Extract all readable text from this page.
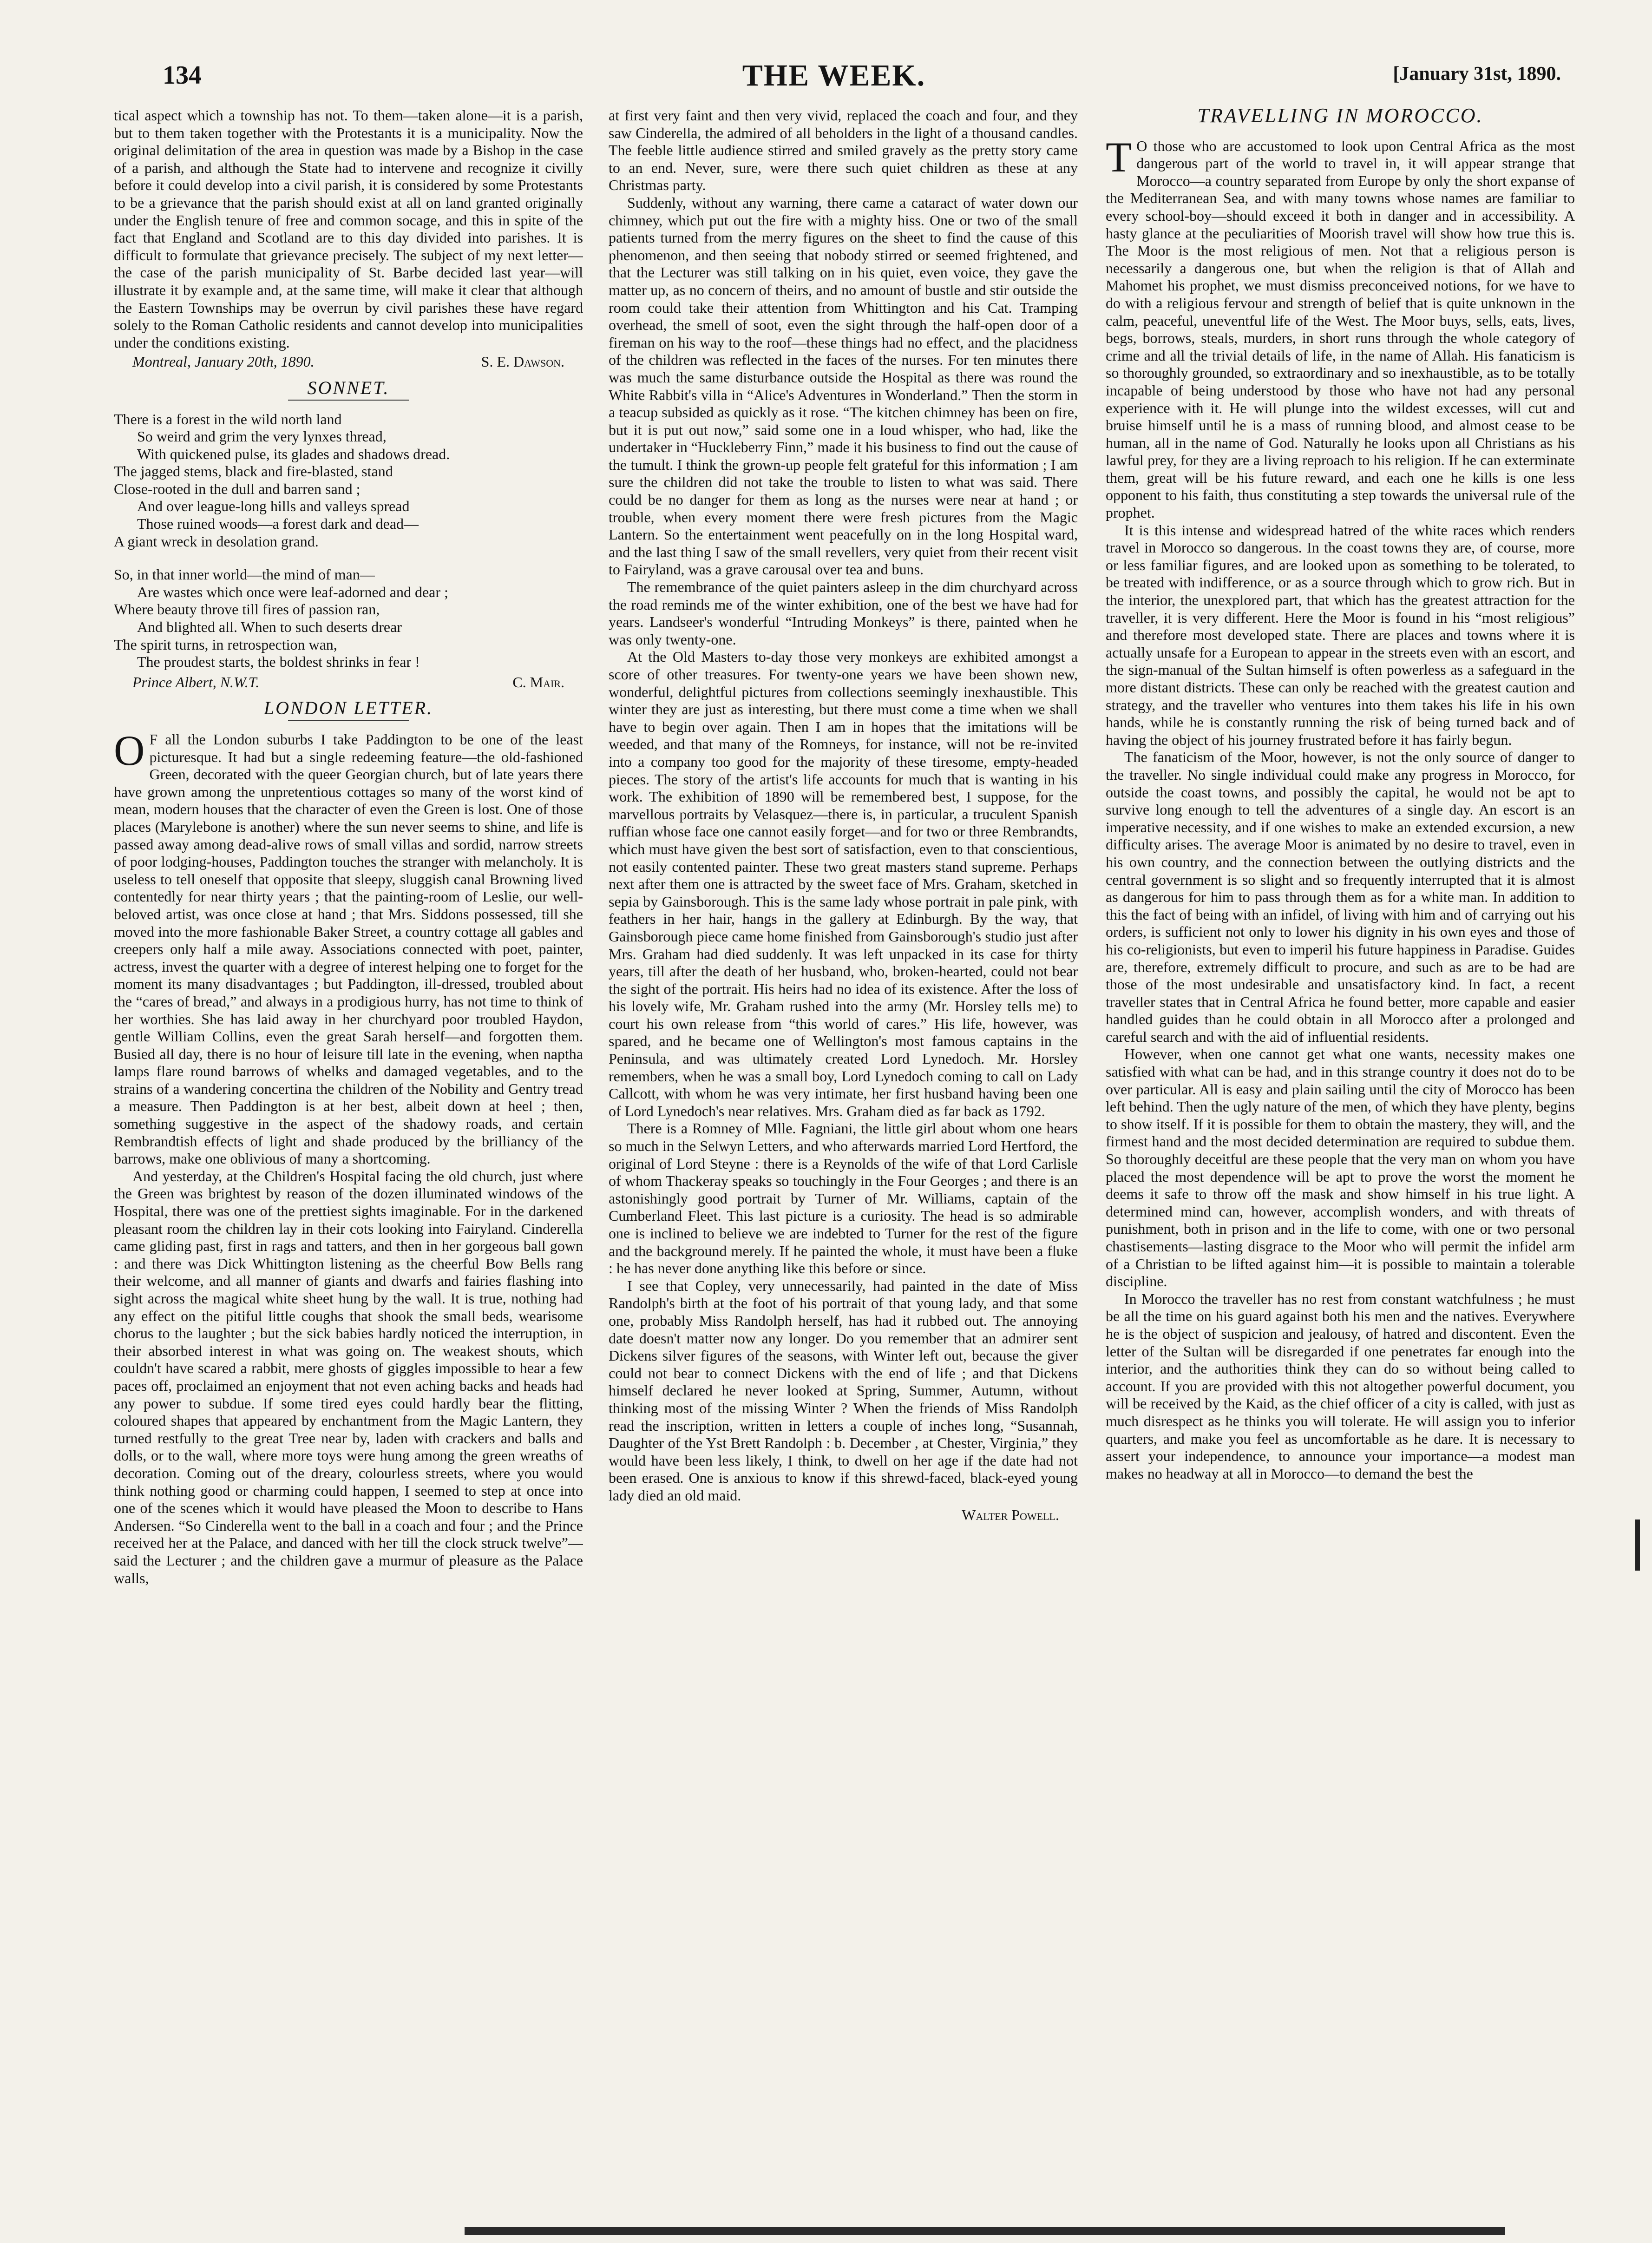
134	THE WEEK.	[January 31st, 1890.

tical aspect which a township has not. To them—taken alone—it is a parish, but to them taken together with the Protestants it is a municipality. Now the original delimitation of the area in question was made by a Bishop in the case of a parish, and although the State had to intervene and recognize it civilly before it could develop into a civil parish, it is considered by some Protestants to be a grievance that the parish should exist at all on land granted originally under the English tenure of free and common socage, and this in spite of the fact that England and Scotland are to this day divided into parishes. It is difficult to formulate that grievance precisely. The subject of my next letter—the case of the parish municipality of St. Barbe decided last year—will illustrate it by example and, at the same time, will make it clear that although the Eastern Townships may be overrun by civil parishes these have regard solely to the Roman Catholic residents and cannot develop into municipalities under the conditions existing.

Montreal, January 20th, 1890.	S. E. Dawson.
SONNET.
There is a forest in the wild north land
So weird and grim the very lynxes thread,
With quickened pulse, its glades and shadows dread.
The jagged stems, black and fire-blasted, stand
Close-rooted in the dull and barren sand ;
And over league-long hills and valleys spread
Those ruined woods—a forest dark and dead—
A giant wreck in desolation grand.
So, in that inner world—the mind of man—
Are wastes which once were leaf-adorned and dear ;
Where beauty throve till fires of passion ran,
And blighted all. When to such deserts drear
The spirit turns, in retrospection wan,
The proudest starts, the boldest shrinks in fear !
Prince Albert, N.W.T.	C. Mair.
LONDON LETTER.

O F all the London suburbs I take Paddington to be one of the least picturesque. It had but a single redeeming feature—the old-fashioned Green, decorated with the queer Georgian church, but of late years there have grown among the unpretentious cottages so many of the worst kind of mean, modern houses that the character of even the Green is lost. One of those places (Marylebone is another) where the sun never seems to shine, and life is passed away among dead-alive rows of small villas and sordid, narrow streets of poor lodging-houses, Paddington touches the stranger with melancholy. It is useless to tell oneself that opposite that sleepy, sluggish canal Browning lived contentedly for near thirty years ; that the painting-room of Leslie, our well-beloved artist, was once close at hand ; that Mrs. Siddons possessed, till she moved into the more fashionable Baker Street, a country cottage all gables and creepers only half a mile away. Associations connected with poet, painter, actress, invest the quarter with a degree of interest helping one to forget for the moment its many disadvantages ; but Paddington, ill-dressed, troubled about the “cares of bread,” and always in a prodigious hurry, has not time to think of her worthies. She has laid away in her churchyard poor troubled Haydon, gentle William Collins, even the great Sarah herself—and forgotten them. Busied all day, there is no hour of leisure till late in the evening, when naptha lamps flare round barrows of whelks and damaged vegetables, and to the strains of a wandering concertina the children of the Nobility and Gentry tread a measure. Then Paddington is at her best, albeit down at heel ; then, something suggestive in the aspect of the shadowy roads, and certain Rembrandtish effects of light and shade produced by the brilliancy of the barrows, make one oblivious of many a shortcoming.

And yesterday, at the Children's Hospital facing the old church, just where the Green was brightest by reason of the dozen illuminated windows of the Hospital, there was one of the prettiest sights imaginable. For in the darkened pleasant room the children lay in their cots looking into Fairyland. Cinderella came gliding past, first in rags and tatters, and then in her gorgeous ball gown : and there was Dick Whittington listening as the cheerful Bow Bells rang their welcome, and all manner of giants and dwarfs and fairies flashing into sight across the magical white sheet hung by the wall. It is true, nothing had any effect on the pitiful little coughs that shook the small beds, wearisome chorus to the laughter ; but the sick babies hardly noticed the interruption, in their absorbed interest in what was going on. The weakest shouts, which couldn't have scared a rabbit, mere ghosts of giggles impossible to hear a few paces off, proclaimed an enjoyment that not even aching backs and heads had any power to subdue. If some tired eyes could hardly bear the flitting, coloured shapes that appeared by enchantment from the Magic Lantern, they turned restfully to the great Tree near by, laden with crackers and balls and dolls, or to the wall, where more toys were hung among the green wreaths of decoration. Coming out of the dreary, colourless streets, where you would think nothing good or charming could happen, I seemed to step at once into one of the scenes which it would have pleased the Moon to describe to Hans Andersen. “So Cinderella went to the ball in a coach and four ; and the Prince received her at the Palace, and danced with her till the clock struck twelve”—said the Lecturer ; and the children gave a murmur of pleasure as the Palace walls,

at first very faint and then very vivid, replaced the coach and four, and they saw Cinderella, the admired of all beholders in the light of a thousand candles. The feeble little audience stirred and smiled gravely as the pretty story came to an end. Never, sure, were there such quiet children as these at any Christmas party.

Suddenly, without any warning, there came a cataract of water down our chimney, which put out the fire with a mighty hiss. One or two of the small patients turned from the merry figures on the sheet to find the cause of this phenomenon, and then seeing that nobody stirred or seemed frightened, and that the Lecturer was still talking on in his quiet, even voice, they gave the matter up, as no concern of theirs, and no amount of bustle and stir outside the room could take their attention from Whittington and his Cat. Tramping overhead, the smell of soot, even the sight through the half-open door of a fireman on his way to the roof—these things had no effect, and the placidness of the children was reflected in the faces of the nurses. For ten minutes there was much the same disturbance outside the Hospital as there was round the White Rabbit's villa in “Alice's Adventures in Wonderland.” Then the storm in a teacup subsided as quickly as it rose. “The kitchen chimney has been on fire, but it is put out now,” said some one in a loud whisper, who had, like the undertaker in “Huckleberry Finn,” made it his business to find out the cause of the tumult. I think the grown-up people felt grateful for this information ; I am sure the children did not take the trouble to listen to what was said. There could be no danger for them as long as the nurses were near at hand ; or trouble, when every moment there were fresh pictures from the Magic Lantern. So the entertainment went peacefully on in the long Hospital ward, and the last thing I saw of the small revellers, very quiet from their recent visit to Fairyland, was a grave carousal over tea and buns.

The remembrance of the quiet painters asleep in the dim churchyard across the road reminds me of the winter exhibition, one of the best we have had for years. Landseer's wonderful “Intruding Monkeys” is there, painted when he was only twenty-one.

At the Old Masters to-day those very monkeys are exhibited amongst a score of other treasures. For twenty-one years we have been shown new, wonderful, delightful pictures from collections seemingly inexhaustible. This winter they are just as interesting, but there must come a time when we shall have to begin over again. Then I am in hopes that the imitations will be weeded, and that many of the Romneys, for instance, will not be re-invited into a company too good for the majority of these tiresome, empty-headed pieces. The story of the artist's life accounts for much that is wanting in his work. The exhibition of 1890 will be remembered best, I suppose, for the marvellous portraits by Velasquez—there is, in particular, a truculent Spanish ruffian whose face one cannot easily forget—and for two or three Rembrandts, which must have given the best sort of satisfaction, even to that conscientious, not easily contented painter. These two great masters stand supreme. Perhaps next after them one is attracted by the sweet face of Mrs. Graham, sketched in sepia by Gainsborough. This is the same lady whose portrait in pale pink, with feathers in her hair, hangs in the gallery at Edinburgh. By the way, that Gainsborough piece came home finished from Gainsborough's studio just after Mrs. Graham had died suddenly. It was left unpacked in its case for thirty years, till after the death of her husband, who, broken-hearted, could not bear the sight of the portrait. His heirs had no idea of its existence. After the loss of his lovely wife, Mr. Graham rushed into the army (Mr. Horsley tells me) to court his own release from “this world of cares.” His life, however, was spared, and he became one of Wellington's most famous captains in the Peninsula, and was ultimately created Lord Lynedoch. Mr. Horsley remembers, when he was a small boy, Lord Lynedoch coming to call on Lady Callcott, with whom he was very intimate, her first husband having been one of Lord Lynedoch's near relatives. Mrs. Graham died as far back as 1792.

There is a Romney of Mlle. Fagniani, the little girl about whom one hears so much in the Selwyn Letters, and who afterwards married Lord Hertford, the original of Lord Steyne : there is a Reynolds of the wife of that Lord Carlisle of whom Thackeray speaks so touchingly in the Four Georges ; and there is an astonishingly good portrait by Turner of Mr. Williams, captain of the Cumberland Fleet. This last picture is a curiosity. The head is so admirable one is inclined to believe we are indebted to Turner for the rest of the figure and the background merely. If he painted the whole, it must have been a fluke : he has never done anything like this before or since.

I see that Copley, very unnecessarily, had painted in the date of Miss Randolph's birth at the foot of his portrait of that young lady, and that some one, probably Miss Randolph herself, has had it rubbed out. The annoying date doesn't matter now any longer. Do you remember that an admirer sent Dickens silver figures of the seasons, with Winter left out, because the giver could not bear to connect Dickens with the end of life ; and that Dickens himself declared he never looked at Spring, Summer, Autumn, without thinking most of the missing Winter ? When the friends of Miss Randolph read the inscription, written in letters a couple of inches long, “Susannah, Daughter of the Yst Brett Randolph : b. December , at Chester, Virginia,” they would have been less likely, I think, to dwell on her age if the date had not been erased. One is anxious to know if this shrewd-faced, black-eyed young lady died an old maid.

Walter Powell.
TRAVELLING IN MOROCCO.

T O those who are accustomed to look upon Central Africa as the most dangerous part of the world to travel in, it will appear strange that Morocco—a country separated from Europe by only the short expanse of the Mediterranean Sea, and with many towns whose names are familiar to every school-boy—should exceed it both in danger and in accessibility. A hasty glance at the peculiarities of Moorish travel will show how true this is. The Moor is the most religious of men. Not that a religious person is necessarily a dangerous one, but when the religion is that of Allah and Mahomet his prophet, we must dismiss preconceived notions, for we have to do with a religious fervour and strength of belief that is quite unknown in the calm, peaceful, uneventful life of the West. The Moor buys, sells, eats, lives, begs, borrows, steals, murders, in short runs through the whole category of crime and all the trivial details of life, in the name of Allah. His fanaticism is so thoroughly grounded, so extraordinary and so inexhaustible, as to be totally incapable of being understood by those who have not had any personal experience with it. He will plunge into the wildest excesses, will cut and bruise himself until he is a mass of running blood, and almost cease to be human, all in the name of God. Naturally he looks upon all Christians as his lawful prey, for they are a living reproach to his religion. If he can exterminate them, great will be his future reward, and each one he kills is one less opponent to his faith, thus constituting a step towards the universal rule of the prophet.

It is this intense and widespread hatred of the white races which renders travel in Morocco so dangerous. In the coast towns they are, of course, more or less familiar figures, and are looked upon as something to be tolerated, to be treated with indifference, or as a source through which to grow rich. But in the interior, the unexplored part, that which has the greatest attraction for the traveller, it is very different. Here the Moor is found in his “most religious” and therefore most developed state. There are places and towns where it is actually unsafe for a European to appear in the streets even with an escort, and the sign-manual of the Sultan himself is often powerless as a safeguard in the more distant districts. These can only be reached with the greatest caution and strategy, and the traveller who ventures into them takes his life in his own hands, while he is constantly running the risk of being turned back and of having the object of his journey frustrated before it has fairly begun.

The fanaticism of the Moor, however, is not the only source of danger to the traveller. No single individual could make any progress in Morocco, for outside the coast towns, and possibly the capital, he would not be apt to survive long enough to tell the adventures of a single day. An escort is an imperative necessity, and if one wishes to make an extended excursion, a new difficulty arises. The average Moor is animated by no desire to travel, even in his own country, and the connection between the outlying districts and the central government is so slight and so frequently interrupted that it is almost as dangerous for him to pass through them as for a white man. In addition to this the fact of being with an infidel, of living with him and of carrying out his orders, is sufficient not only to lower his dignity in his own eyes and those of his co-religionists, but even to imperil his future happiness in Paradise. Guides are, therefore, extremely difficult to procure, and such as are to be had are those of the most undesirable and unsatisfactory kind. In fact, a recent traveller states that in Central Africa he found better, more capable and easier handled guides than he could obtain in all Morocco after a prolonged and careful search and with the aid of influential residents.

However, when one cannot get what one wants, necessity makes one satisfied with what can be had, and in this strange country it does not do to be over particular. All is easy and plain sailing until the city of Morocco has been left behind. Then the ugly nature of the men, of which they have plenty, begins to show itself. If it is possible for them to obtain the mastery, they will, and the firmest hand and the most decided determination are required to subdue them. So thoroughly deceitful are these people that the very man on whom you have placed the most dependence will be apt to prove the worst the moment he deems it safe to throw off the mask and show himself in his true light. A determined mind can, however, accomplish wonders, and with threats of punishment, both in prison and in the life to come, with one or two personal chastisements—lasting disgrace to the Moor who will permit the infidel arm of a Christian to be lifted against him—it is possible to maintain a tolerable discipline.

In Morocco the traveller has no rest from constant watchfulness ; he must be all the time on his guard against both his men and the natives. Everywhere he is the object of suspicion and jealousy, of hatred and discontent. Even the letter of the Sultan will be disregarded if one penetrates far enough into the interior, and the authorities think they can do so without being called to account. If you are provided with this not altogether powerful document, you will be received by the Kaid, as the chief officer of a city is called, with just as much disrespect as he thinks you will tolerate. He will assign you to inferior quarters, and make you feel as uncomfortable as he dare. It is necessary to assert your independence, to announce your importance—a modest man makes no headway at all in Morocco—to demand the best the
